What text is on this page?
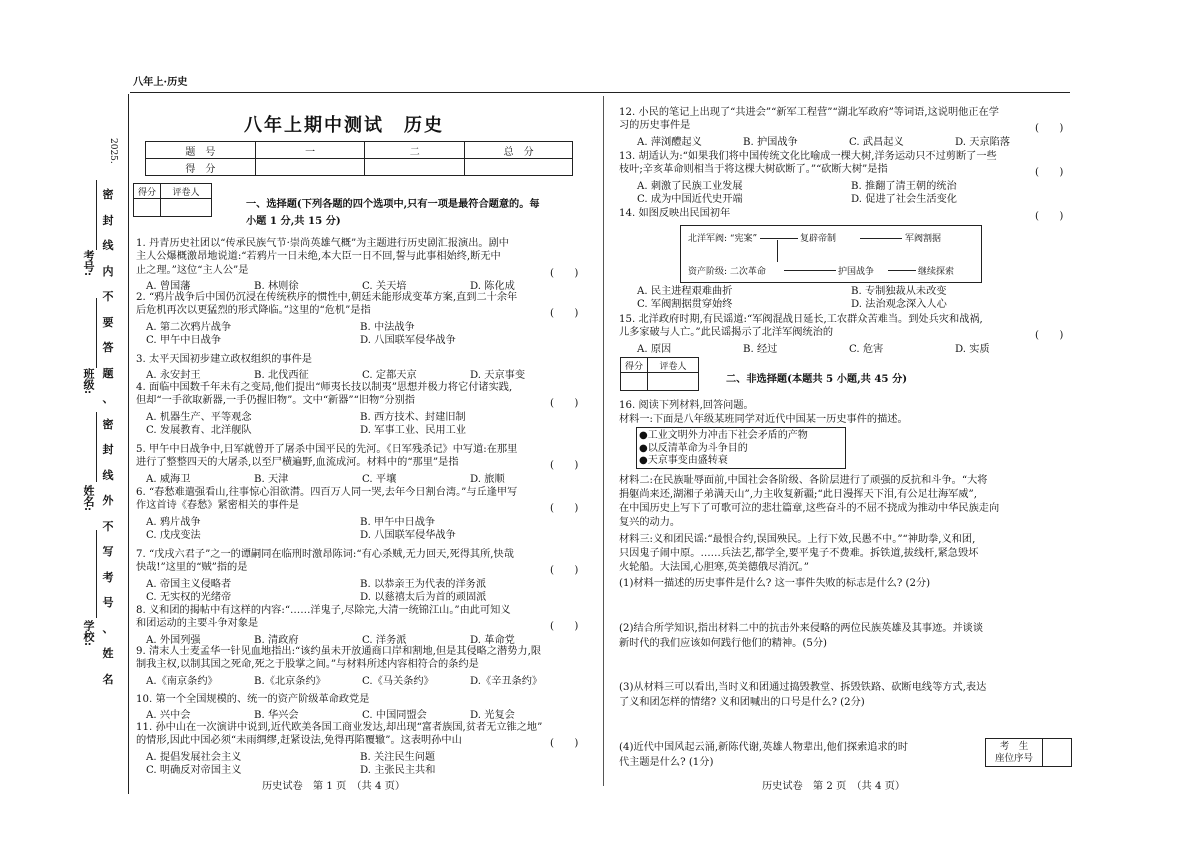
八年上·历史
2025.
考号:
班级:
姓名:
学校:
密
封
线
内
不
要
答
题
、
密
封
线
外
不
写
考
号
、
姓
名
八年上期中测试　历史
题　号	一	二	总　分
得　分			
得分	评卷人

一、选择题(下列各题的四个选项中,只有一项是最符合题意的。每
小题 1 分,共 15 分)
1. 丹青历史社团以“传承民族气节·崇尚英雄气概”为主题进行历史剧汇报演出。剧中
主人公爆概激昂地说道:“若鸦片一日未绝,本大臣一日不回,誓与此事相始终,断无中
止之理。”这位“主人公”是	(　　)
A. 曾国藩	B. 林则徐	C. 关天培	D. 陈化成
2. “鸦片战争后中国仍沉浸在传统秩序的惯性中,朝廷未能形成变革方案,直到二十余年
后危机再次以更猛烈的形式降临。”这里的“危机”是指	(　　)
A. 第二次鸦片战争	B. 中法战争
C. 甲午中日战争	D. 八国联军侵华战争
3. 太平天国初步建立政权组织的事件是
A. 永安封王	B. 北伐西征	C. 定都天京	D. 天京事变
4. 面临中国数千年未有之变局,他们提出“师夷长技以制夷”思想并极力将它付诸实践,
但却“一手欲取新器,一手仍握旧物”。文中“新器”“旧物”分别指	(　　)
A. 机器生产、平等观念	B. 西方技术、封建旧制
C. 发展教育、北洋舰队	D. 军事工业、民用工业
5. 甲午中日战争中,日军就曾开了屠杀中国平民的先河。《日军残杀记》中写道:在那里
进行了整整四天的大屠杀,以至尸横遍野,血流成河。材料中的“那里”是指	(　　)
A. 威海卫	B. 天津	C. 平壤	D. 旅顺
6. “春愁难遣强看山,往事惊心泪欲潸。四百万人同一哭,去年今日割台湾。”与丘逢甲写
作这首诗《春愁》紧密相关的事件是	(　　)
A. 鸦片战争	B. 甲午中日战争
C. 戊戌变法	D. 八国联军侵华战争
7. “戊戌六君子”之一的谭嗣同在临刑时激昂陈词:“有心杀贼,无力回天,死得其所,快哉
快哉!”这里的“贼”指的是	(　　)
A. 帝国主义侵略者	B. 以恭亲王为代表的洋务派
C. 无实权的光绪帝	D. 以慈禧太后为首的顽固派
8. 义和团的揭帖中有这样的内容:“……洋鬼子,尽除完,大清一统锦江山。”由此可知义
和团运动的主要斗争对象是	(　　)
A. 外国列强	B. 清政府	C. 洋务派	D. 革命党
9. 清末人士麦孟华一针见血地指出:“该约虽未开放通商口岸和割地,但是其侵略之潜势力,限
制我主权,以制其国之死命,死之于股掌之间。”与材料所述内容相符合的条约是
A.《南京条约》	B.《北京条约》	C.《马关条约》	D.《辛丑条约》
10. 第一个全国规模的、统一的资产阶级革命政党是
A. 兴中会	B. 华兴会	C. 中国同盟会	D. 光复会
11. 孙中山在一次演讲中说到,近代欧美各国工商业发达,却出现“富者族国,贫者无立锥之地”
的情形,因此中国必须“未雨绸缪,赶紧设法,免得再陷覆辙”。这表明孙中山	(　　)
A. 提倡发展社会主义	B. 关注民生问题
C. 明确反对帝国主义	D. 主张民主共和
12. 小民的笔记上出现了“共进会”“新军工程营”“湖北军政府”等词语,这说明他正在学
习的历史事件是	(　　)
A. 萍浏醴起义	B. 护国战争	C. 武昌起义	D. 天京陷落
13. 胡适认为:“如果我们将中国传统文化比喻成一棵大树,洋务运动只不过剪断了一些
枝叶;辛亥革命则相当于将这棵大树砍断了。”“砍断大树”是指	(　　)
A. 刺激了民族工业发展	B. 推翻了清王朝的统治
C. 成为中国近代史开端	D. 促进了社会生活变化
14. 如图反映出民国初年	(　　)
15. 北洋政府时期,有民谣道:“军阀混战日延长,工农群众苦难当。到处兵灾和战祸,
儿多家破与人亡。”此民谣揭示了北洋军阀统治的	(　　)
A. 原因	B. 经过	C. 危害	D. 实质
A. 民主进程艰难曲折	B. 专制独裁从未改变
C. 军阀割据贯穿始终	D. 法治观念深入人心
16. 阅读下列材料,回答问题。
材料一:下面是八年级某班同学对近代中国某一历史事件的描述。
●工业文明外力冲击下社会矛盾的产物
●以反清革命为斗争目的
●天京事变由盛转衰
材料二:在民族耻辱面前,中国社会各阶级、各阶层进行了顽强的反抗和斗争。“大将
捐躯尚来还,湖湘子弟满天山”,力主收复新疆;“此日漫挥天下泪,有公足壮海军威”,
在中国历史上写下了可歌可泣的悲壮篇章,这些奋斗的不屈不挠成为推动中华民族走向
复兴的动力。
材料三:义和团民谣:“最恨合约,误国殃民。上行下效,民愚不中。”“神助拳,义和团,
只因鬼子闹中原。……兵法艺,都学全,要平鬼子不费难。拆铁道,拔线杆,紧急毁坏
火轮船。大法国,心胆寒,英美德俄尽消沉。”
(1)材料一描述的历史事件是什么? 这一事件失败的标志是什么? (2分)
(2)结合所学知识,指出材料二中的抗击外来侵略的两位民族英雄及其事迹。并谈谈
新时代的我们应该如何践行他们的精神。(5分)
(3)从材料三可以看出,当时义和团通过捣毁教堂、拆毁铁路、砍断电线等方式,表达
了义和团怎样的情绪? 义和团喊出的口号是什么? (2分)
(4)近代中国风起云涌,新陈代谢,英雄人物辈出,他们探索追求的时
代主题是什么? (1分)
北洋军阀: “宪案”	复辟帝制	军阀割据
资产阶级: 二次革命	护国战争	继续探索
得分	评卷人

二、非选择题(本题共 5 小题,共 45 分)
考　生
座位序号

历史试卷　第 1 页　（共 4 页）	历史试卷　第 2 页　（共 4 页）
